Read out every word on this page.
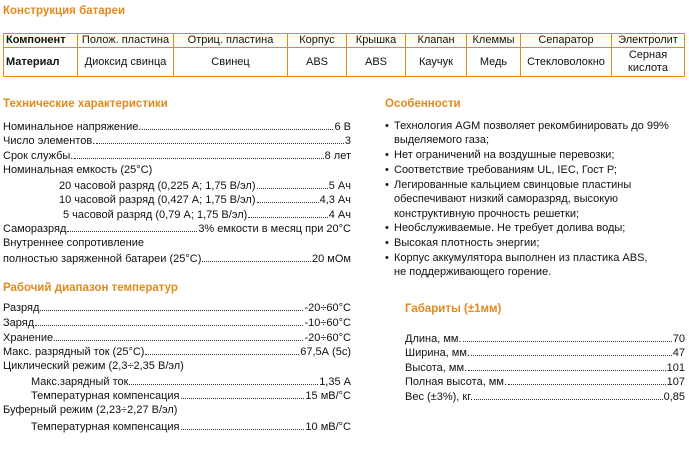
Конструкция батареи
Компонент	Полож. пластина	Отриц. пластина	Корпус	Крышка	Клапан	Клеммы	Сепаратор	Электролит
Материал	Диоксид свинца	Свинец	ABS	ABS	Каучук	Медь	Стекловолокно	Серная кислота
Технические характеристики
Номинальное напряжение.	6 В
Число элементов.	3
Срок службы.	8 лет
Номинальная емкость (25°С)
20 часовой разряд (0,225 А; 1,75 В/эл)	5 Ач
10 часовой разряд (0,427 А; 1,75 В/эл)	4,3 Ач
5 часовой разряд (0,79 А; 1,75 В/эл)	4 Ач
Саморазряд	3% емкости в месяц при 20°С
Внутреннее сопротивление
полностью заряженной батареи (25°С)	20 мОм
Рабочий диапазон температур
Разряд	-20÷60°С
Заряд	-10÷60°С
Хранение	-20÷60°С
Макс. разрядный ток (25°С)	67,5А (5с)
Циклический режим (2,3÷2,35 В/эл)
Макс.зарядный ток	1,35 А
Температурная компенсация	15 мВ/°С
Буферный режим (2,23÷2,27 В/эл)
Температурная компенсация	10 мВ/°С
Особенности
• Технология AGM позволяет рекомбинировать до 99%
выделяемого газа;
• Нет ограничений на воздушные перевозки;
• Соответствие требованиям UL, IEC, Гост Р;
• Легированные кальцием свинцовые пластины
обеспечивают низкий саморазряд, высокую
конструктивную прочность решетки;
• Необслуживаемые. Не требует долива воды;
• Высокая плотность энергии;
• Корпус аккумулятора выполнен из пластика ABS,
не поддерживающего горение.
Габариты (±1мм)
Длина, мм.	70
Ширина, мм.	47
Высота, мм.	101
Полная высота, мм.	107
Вес (±3%), кг.	0,85
